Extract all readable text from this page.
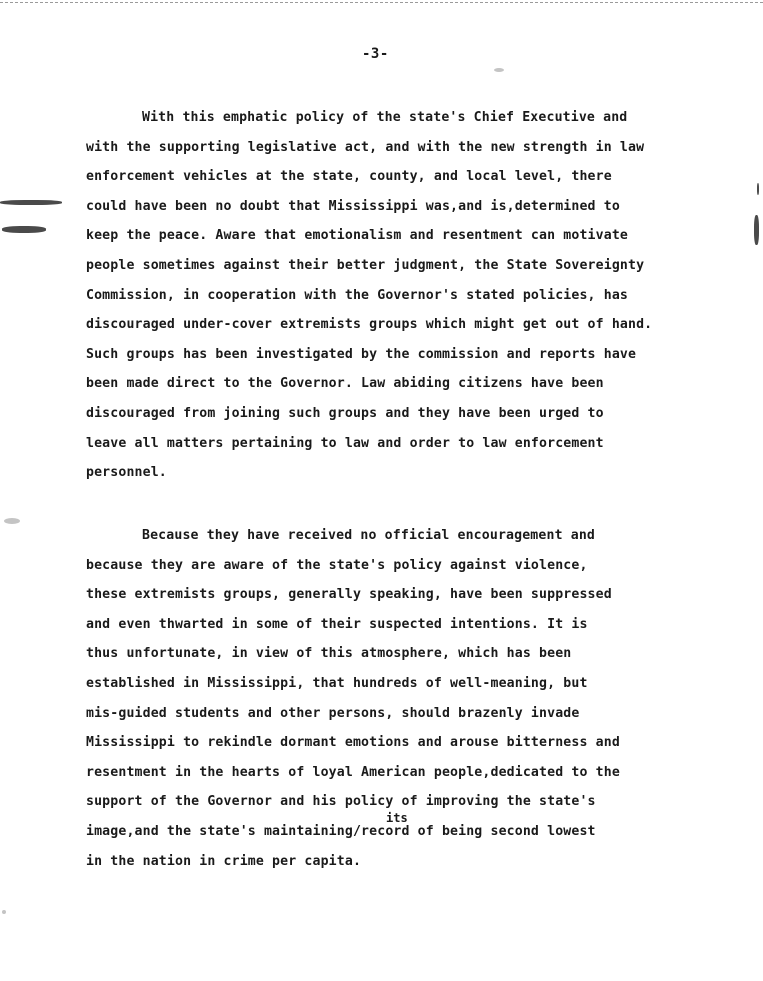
-3-
With this emphatic policy of the state's Chief Executive and
with the supporting legislative act, and with the new strength in law
enforcement vehicles at the state, county, and local level, there
could have been no doubt that Mississippi was,and is,determined to
keep the peace. Aware that emotionalism and resentment can motivate
people sometimes against their better judgment, the State Sovereignty
Commission, in cooperation with the Governor's stated policies, has
discouraged under-cover extremists groups which might get out of hand.
Such groups has been investigated by the commission and reports have
been made direct to the Governor. Law abiding citizens have been
discouraged from joining such groups and they have been urged to
leave all matters pertaining to law and order to law enforcement
personnel.
Because they have received no official encouragement and
because they are aware of the state's policy against violence,
these extremists groups, generally speaking, have been suppressed
and even thwarted in some of their suspected intentions. It is
thus unfortunate, in view of this atmosphere, which has been
established in Mississippi, that hundreds of well-meaning, but
mis-guided students and other persons, should brazenly invade
Mississippi to rekindle dormant emotions and arouse bitterness and
resentment in the hearts of loyal American people,dedicated to the
support of the Governor and his policy of improving the state's
image,and the state's maintaining/record of being second lowest
in the nation in crime per capita.
its
